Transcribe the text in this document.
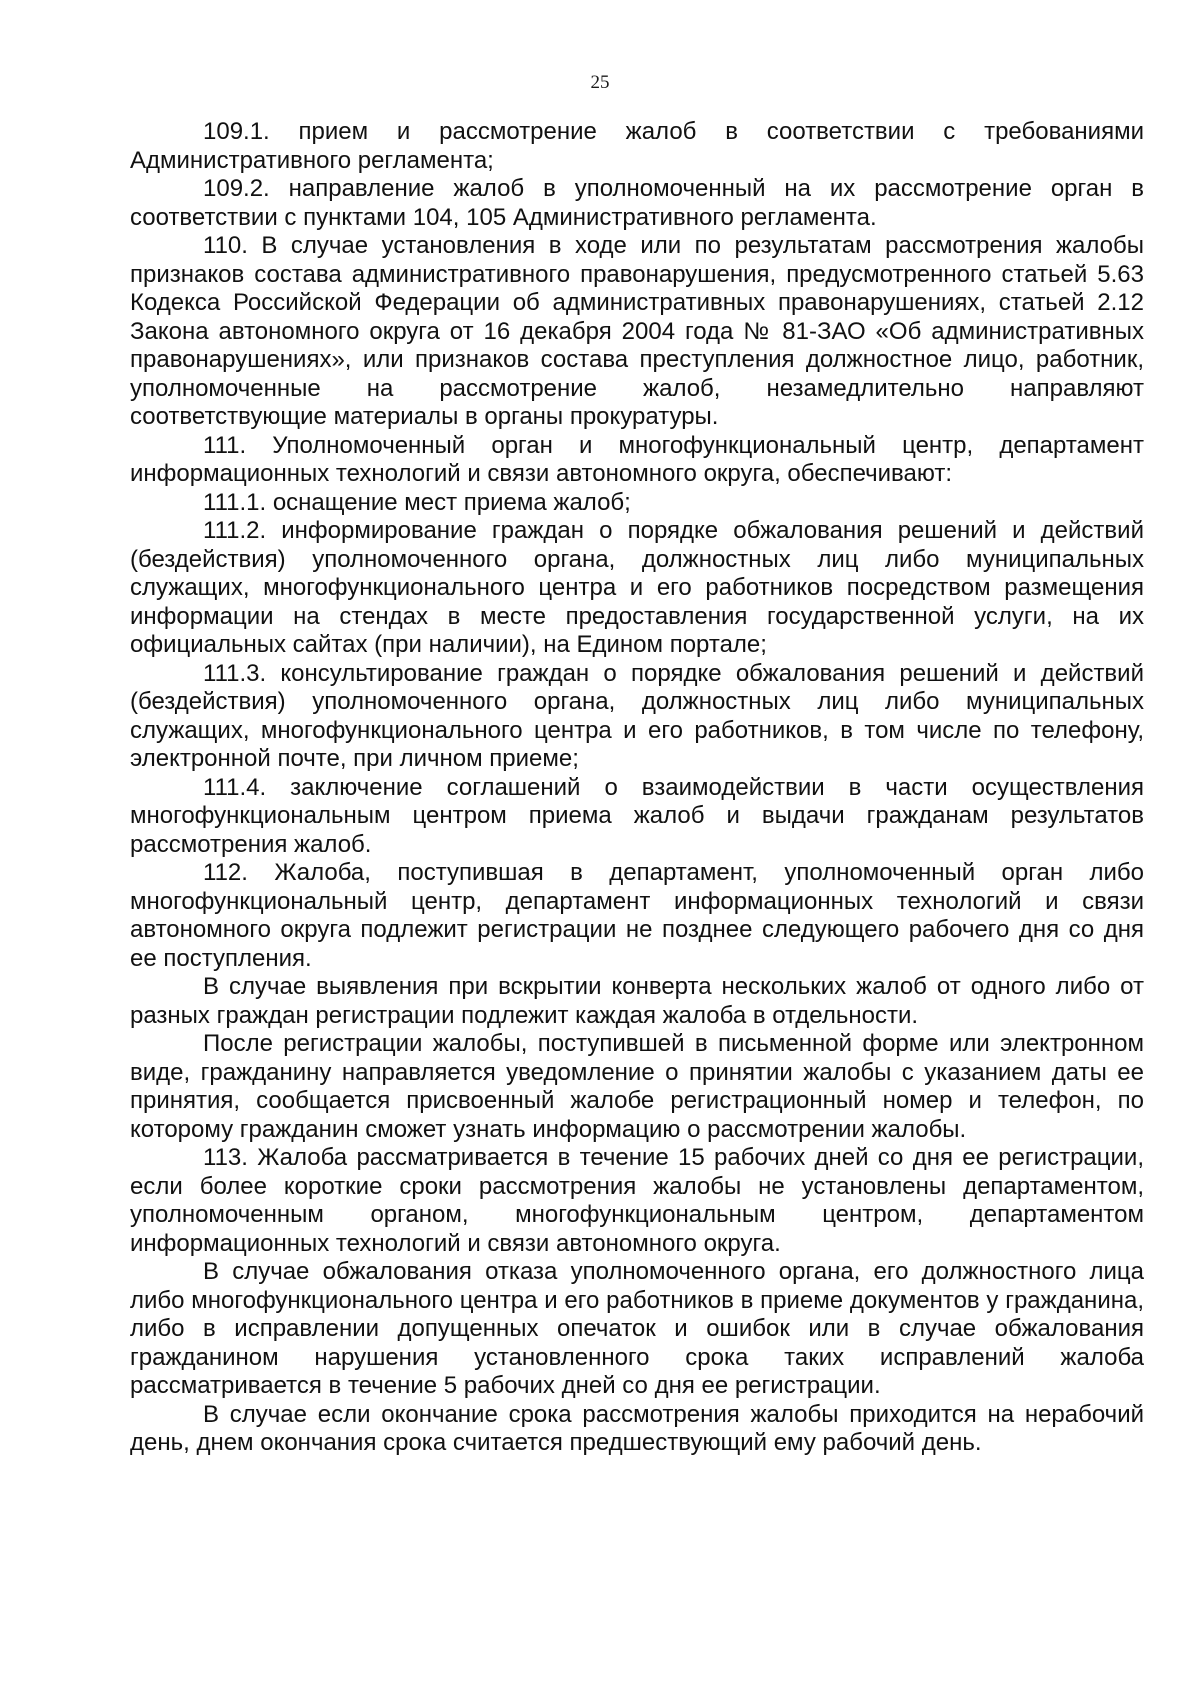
25

109.1. прием и рассмотрение жалоб в соответствии с требованиями Административного регламента;

109.2. направление жалоб в уполномоченный на их рассмотрение орган в соответствии с пунктами 104, 105 Административного регламента.

110. В случае установления в ходе или по результатам рассмотрения жалобы признаков состава административного правонарушения, предусмотренного статьей 5.63 Кодекса Российской Федерации об административных правонарушениях, статьей 2.12 Закона автономного округа от 16 декабря 2004 года № 81-ЗАО «Об административных правонарушениях», или признаков состава преступления должностное лицо, работник, уполномоченные на рассмотрение жалоб, незамедлительно направляют соответствующие материалы в органы прокуратуры.

111. Уполномоченный орган и многофункциональный центр, департамент информационных технологий и связи автономного округа, обеспечивают:

111.1. оснащение мест приема жалоб;

111.2. информирование граждан о порядке обжалования решений и действий (бездействия) уполномоченного органа, должностных лиц либо муниципальных служащих, многофункционального центра и его работников посредством размещения информации на стендах в месте предоставления государственной услуги, на их официальных сайтах (при наличии), на Едином портале;

111.3. консультирование граждан о порядке обжалования решений и действий (бездействия) уполномоченного органа, должностных лиц либо муниципальных служащих, многофункционального центра и его работников, в том числе по телефону, электронной почте, при личном приеме;

111.4. заключение соглашений о взаимодействии в части осуществления многофункциональным центром приема жалоб и выдачи гражданам результатов рассмотрения жалоб.

112. Жалоба, поступившая в департамент, уполномоченный орган либо многофункциональный центр, департамент информационных технологий и связи автономного округа подлежит регистрации не позднее следующего рабочего дня со дня ее поступления.

В случае выявления при вскрытии конверта нескольких жалоб от одного либо от разных граждан регистрации подлежит каждая жалоба в отдельности.

После регистрации жалобы, поступившей в письменной форме или электронном виде, гражданину направляется уведомление о принятии жалобы с указанием даты ее принятия, сообщается присвоенный жалобе регистрационный номер и телефон, по которому гражданин сможет узнать информацию о рассмотрении жалобы.

113. Жалоба рассматривается в течение 15 рабочих дней со дня ее регистрации, если более короткие сроки рассмотрения жалобы не установлены департаментом, уполномоченным органом, многофункциональным центром, департаментом информационных технологий и связи автономного округа.

В случае обжалования отказа уполномоченного органа, его должностного лица либо многофункционального центра и его работников в приеме документов у гражданина, либо в исправлении допущенных опечаток и ошибок или в случае обжалования гражданином нарушения установленного срока таких исправлений жалоба рассматривается в течение 5 рабочих дней со дня ее регистрации.

В случае если окончание срока рассмотрения жалобы приходится на нерабочий день, днем окончания срока считается предшествующий ему рабочий день.
